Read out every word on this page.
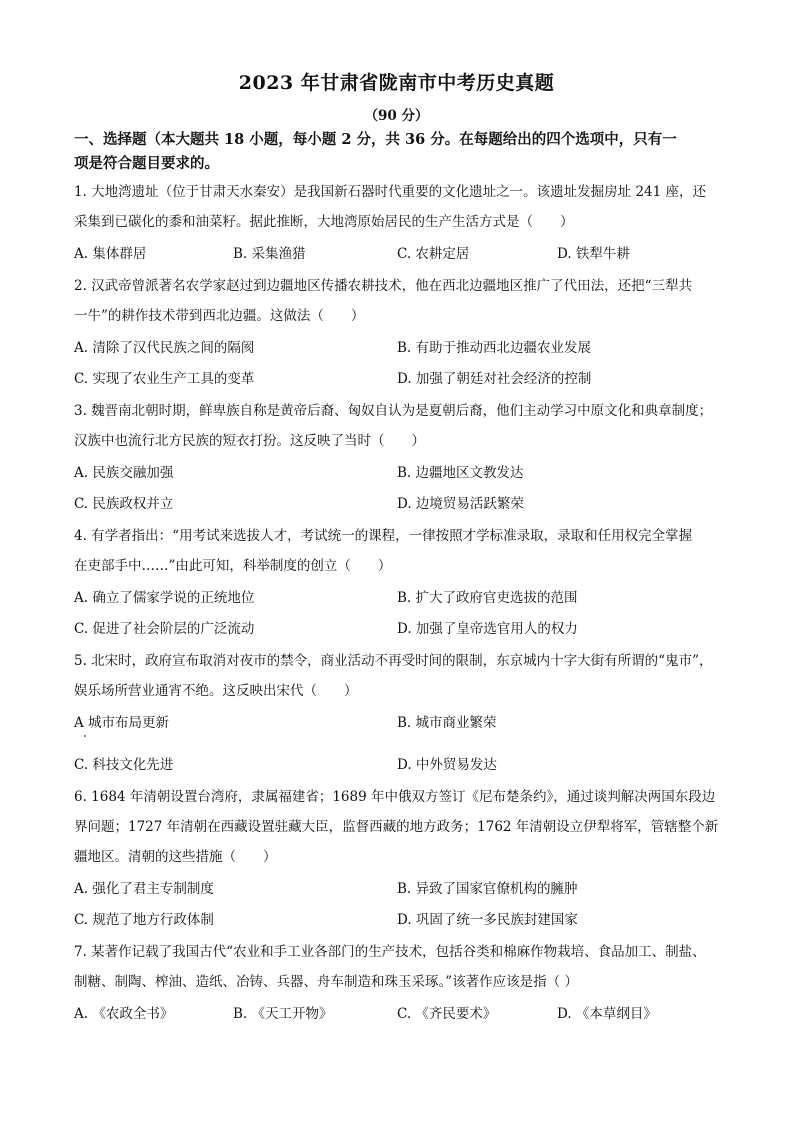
2023 年甘肃省陇南市中考历史真题
（90 分）
一、选择题（本大题共 18 小题，每小题 2 分，共 36 分。在每题给出的四个选项中，只有一
项是符合题目要求的。
1. 大地湾遗址（位于甘肃天水秦安）是我国新石器时代重要的文化遗址之一。该遗址发掘房址 241 座，还
采集到已碳化的黍和油菜籽。据此推断，大地湾原始居民的生产生活方式是（　　）
A. 集体群居	B. 采集渔猎	C. 农耕定居	D. 铁犁牛耕
2. 汉武帝曾派著名农学家赵过到边疆地区传播农耕技术，他在西北边疆地区推广了代田法，还把“三犁共
一牛”的耕作技术带到西北边疆。这做法（　　）
A. 清除了汉代民族之间的隔阂	B. 有助于推动西北边疆农业发展
C. 实现了农业生产工具的变革	D. 加强了朝廷对社会经济的控制
3. 魏晋南北朝时期，鲜卑族自称是黄帝后裔、匈奴自认为是夏朝后裔，他们主动学习中原文化和典章制度；
汉族中也流行北方民族的短衣打扮。这反映了当时（　　）
A. 民族交融加强	B. 边疆地区文教发达
C. 民族政权并立	D. 边境贸易活跃繁荣
4. 有学者指出：“用考试来选拔人才，考试统一的课程，一律按照才学标准录取，录取和任用权完全掌握
在吏部手中……”由此可知，科举制度的创立（　　）
A. 确立了儒家学说的正统地位	B. 扩大了政府官吏选拔的范围
C. 促进了社会阶层的广泛流动	D. 加强了皇帝选官用人的权力
5. 北宋时，政府宣布取消对夜市的禁令，商业活动不再受时间的限制，东京城内十字大街有所谓的“鬼市”，
娱乐场所营业通宵不绝。这反映出宋代（　　）
A 城市布局更新	B. 城市商业繁荣
C. 科技文化先进	D. 中外贸易发达
6. 1684 年清朝设置台湾府，隶属福建省；1689 年中俄双方签订《尼布楚条约》，通过谈判解决两国东段边
界问题；1727 年清朝在西藏设置驻藏大臣，监督西藏的地方政务；1762 年清朝设立伊犁将军，管辖整个新
疆地区。清朝的这些措施（　　）
A. 强化了君主专制制度	B. 异致了国家官僚机构的臃肿
C. 规范了地方行政体制	D. 巩固了统一多民族封建国家
7. 某著作记载了我国古代“农业和手工业各部门的生产技术，包括谷类和棉麻作物栽培、食品加工、制盐、
制糖、制陶、榨油、造纸、冶铸、兵器、舟车制造和珠玉采琢。”该著作应该是指（ ）
A. 《农政全书》	B. 《天工开物》	C. 《齐民要术》	D. 《本草纲目》
